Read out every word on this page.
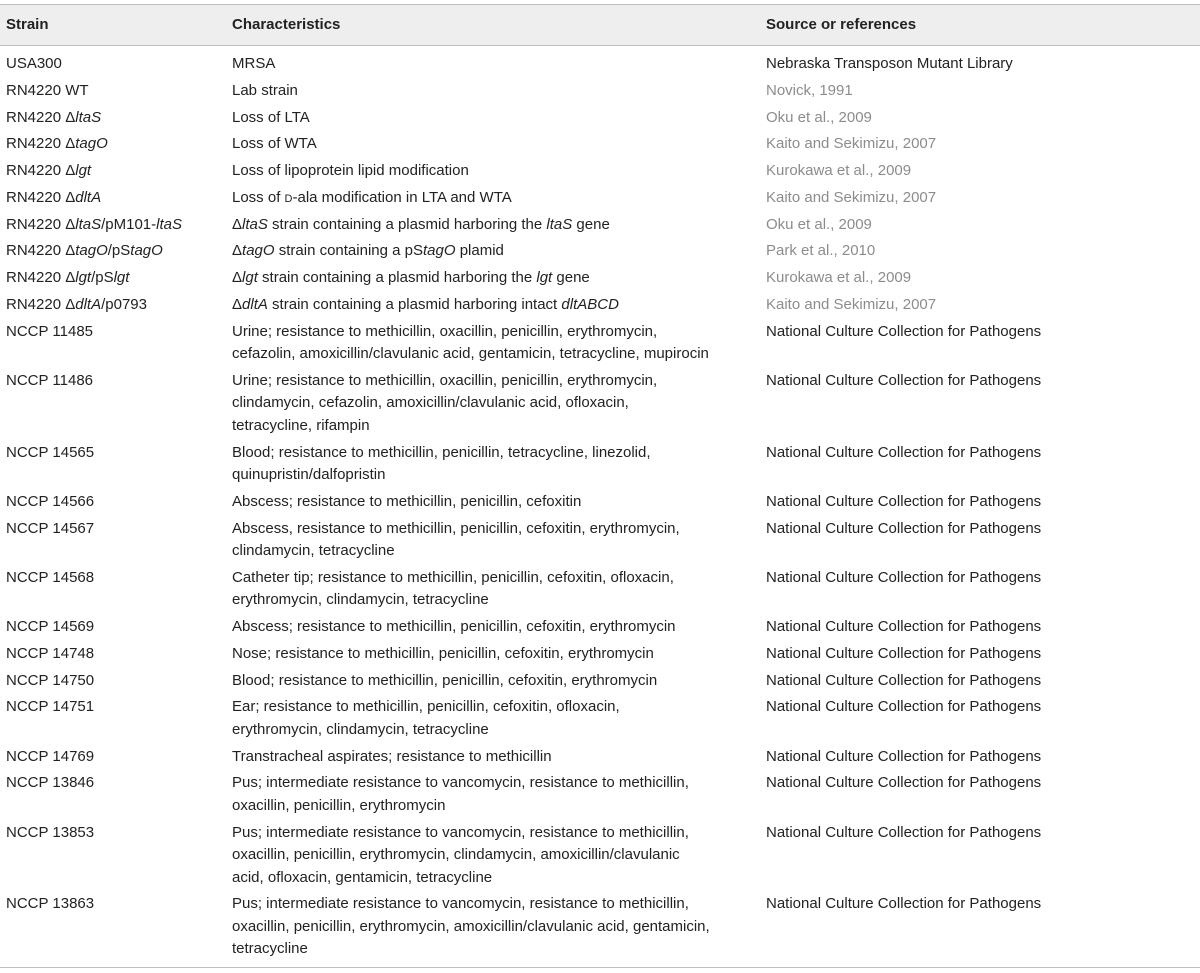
Strain	Characteristics	Source or references
USA300	MRSA	Nebraska Transposon Mutant Library
RN4220 WT	Lab strain	Novick, 1991
RN4220 ΔltaS	Loss of LTA	Oku et al., 2009
RN4220 ΔtagO	Loss of WTA	Kaito and Sekimizu, 2007
RN4220 Δlgt	Loss of lipoprotein lipid modification	Kurokawa et al., 2009
RN4220 ΔdltA	Loss of d-ala modification in LTA and WTA	Kaito and Sekimizu, 2007
RN4220 ΔltaS/pM101-ltaS	ΔltaS strain containing a plasmid harboring the ltaS gene	Oku et al., 2009
RN4220 ΔtagO/pStagO	ΔtagO strain containing a pStagO plamid	Park et al., 2010
RN4220 Δlgt/pSlgt	Δlgt strain containing a plasmid harboring the lgt gene	Kurokawa et al., 2009
RN4220 ΔdltA/p0793	ΔdltA strain containing a plasmid harboring intact dltABCD	Kaito and Sekimizu, 2007
NCCP 11485	Urine; resistance to methicillin, oxacillin, penicillin, erythromycin,
cefazolin, amoxicillin/clavulanic acid, gentamicin, tetracycline, mupirocin	National Culture Collection for Pathogens
NCCP 11486	Urine; resistance to methicillin, oxacillin, penicillin, erythromycin,
clindamycin, cefazolin, amoxicillin/clavulanic acid, ofloxacin,
tetracycline, rifampin	National Culture Collection for Pathogens
NCCP 14565	Blood; resistance to methicillin, penicillin, tetracycline, linezolid,
quinupristin/dalfopristin	National Culture Collection for Pathogens
NCCP 14566	Abscess; resistance to methicillin, penicillin, cefoxitin	National Culture Collection for Pathogens
NCCP 14567	Abscess, resistance to methicillin, penicillin, cefoxitin, erythromycin,
clindamycin, tetracycline	National Culture Collection for Pathogens
NCCP 14568	Catheter tip; resistance to methicillin, penicillin, cefoxitin, ofloxacin,
erythromycin, clindamycin, tetracycline	National Culture Collection for Pathogens
NCCP 14569	Abscess; resistance to methicillin, penicillin, cefoxitin, erythromycin	National Culture Collection for Pathogens
NCCP 14748	Nose; resistance to methicillin, penicillin, cefoxitin, erythromycin	National Culture Collection for Pathogens
NCCP 14750	Blood; resistance to methicillin, penicillin, cefoxitin, erythromycin	National Culture Collection for Pathogens
NCCP 14751	Ear; resistance to methicillin, penicillin, cefoxitin, ofloxacin,
erythromycin, clindamycin, tetracycline	National Culture Collection for Pathogens
NCCP 14769	Transtracheal aspirates; resistance to methicillin	National Culture Collection for Pathogens
NCCP 13846	Pus; intermediate resistance to vancomycin, resistance to methicillin,
oxacillin, penicillin, erythromycin	National Culture Collection for Pathogens
NCCP 13853	Pus; intermediate resistance to vancomycin, resistance to methicillin,
oxacillin, penicillin, erythromycin, clindamycin, amoxicillin/clavulanic
acid, ofloxacin, gentamicin, tetracycline	National Culture Collection for Pathogens
NCCP 13863	Pus; intermediate resistance to vancomycin, resistance to methicillin,
oxacillin, penicillin, erythromycin, amoxicillin/clavulanic acid, gentamicin,
tetracycline	National Culture Collection for Pathogens
